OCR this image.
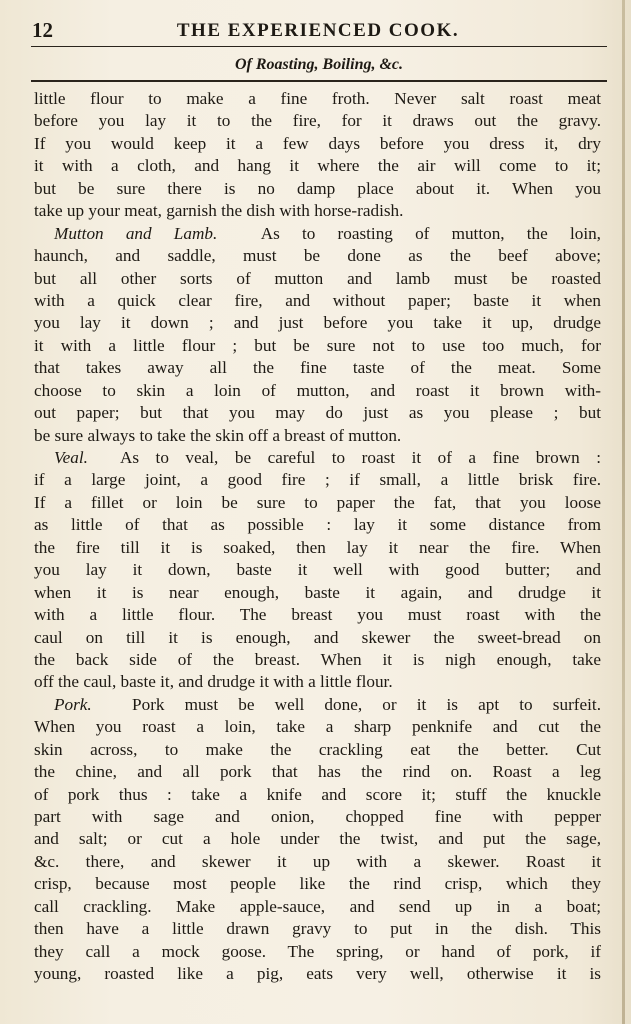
12	THE EXPERIENCED COOK.
Of Roasting, Boiling, &c.
little flour to make a fine froth. Never salt roast meat
before you lay it to the fire, for it draws out the gravy.
If you would keep it a few days before you dress it, dry
it with a cloth, and hang it where the air will come to it;
but be sure there is no damp place about it. When you
take up your meat, garnish the dish with horse-radish.
Mutton and Lamb.	As to roasting of mutton, the loin,
haunch, and saddle, must be done as the beef above;
but all other sorts of mutton and lamb must be roasted
with a quick clear fire, and without paper; baste it when
you lay it down ; and just before you take it up, drudge
it with a little flour ; but be sure not to use too much, for
that takes away all the fine taste of the meat. Some
choose to skin a loin of mutton, and roast it brown with-
out paper; but that you may do just as you please ; but
be sure always to take the skin off a breast of mutton.
Veal. As to veal, be careful to roast it of a fine brown :
if a large joint, a good fire ; if small, a little brisk fire.
If a fillet or loin be sure to paper the fat, that you loose
as little of that as possible : lay it some distance from
the fire till it is soaked, then lay it near the fire. When
you lay it down, baste it well with good butter; and
when it is near enough, baste it again, and drudge it
with a little flour. The breast you must roast with the
caul on till it is enough, and skewer the sweet-bread on
the back side of the breast. When it is nigh enough, take
off the caul, baste it, and drudge it with a little flour.
Pork. Pork must be well done, or it is apt to surfeit.
When you roast a loin, take a sharp penknife and cut the
skin across, to make the crackling eat the better. Cut
the chine, and all pork that has the rind on. Roast a leg
of pork thus : take a knife and score it; stuff the knuckle
part with sage and onion, chopped fine with pepper
and salt; or cut a hole under the twist, and put the sage,
&c. there, and skewer it up with a skewer. Roast it
crisp, because most people like the rind crisp, which they
call crackling. Make apple-sauce, and send up in a boat;
then have a little drawn gravy to put in the dish. This
they call a mock goose. The spring, or hand of pork, if
young, roasted like a pig, eats very well, otherwise it is
